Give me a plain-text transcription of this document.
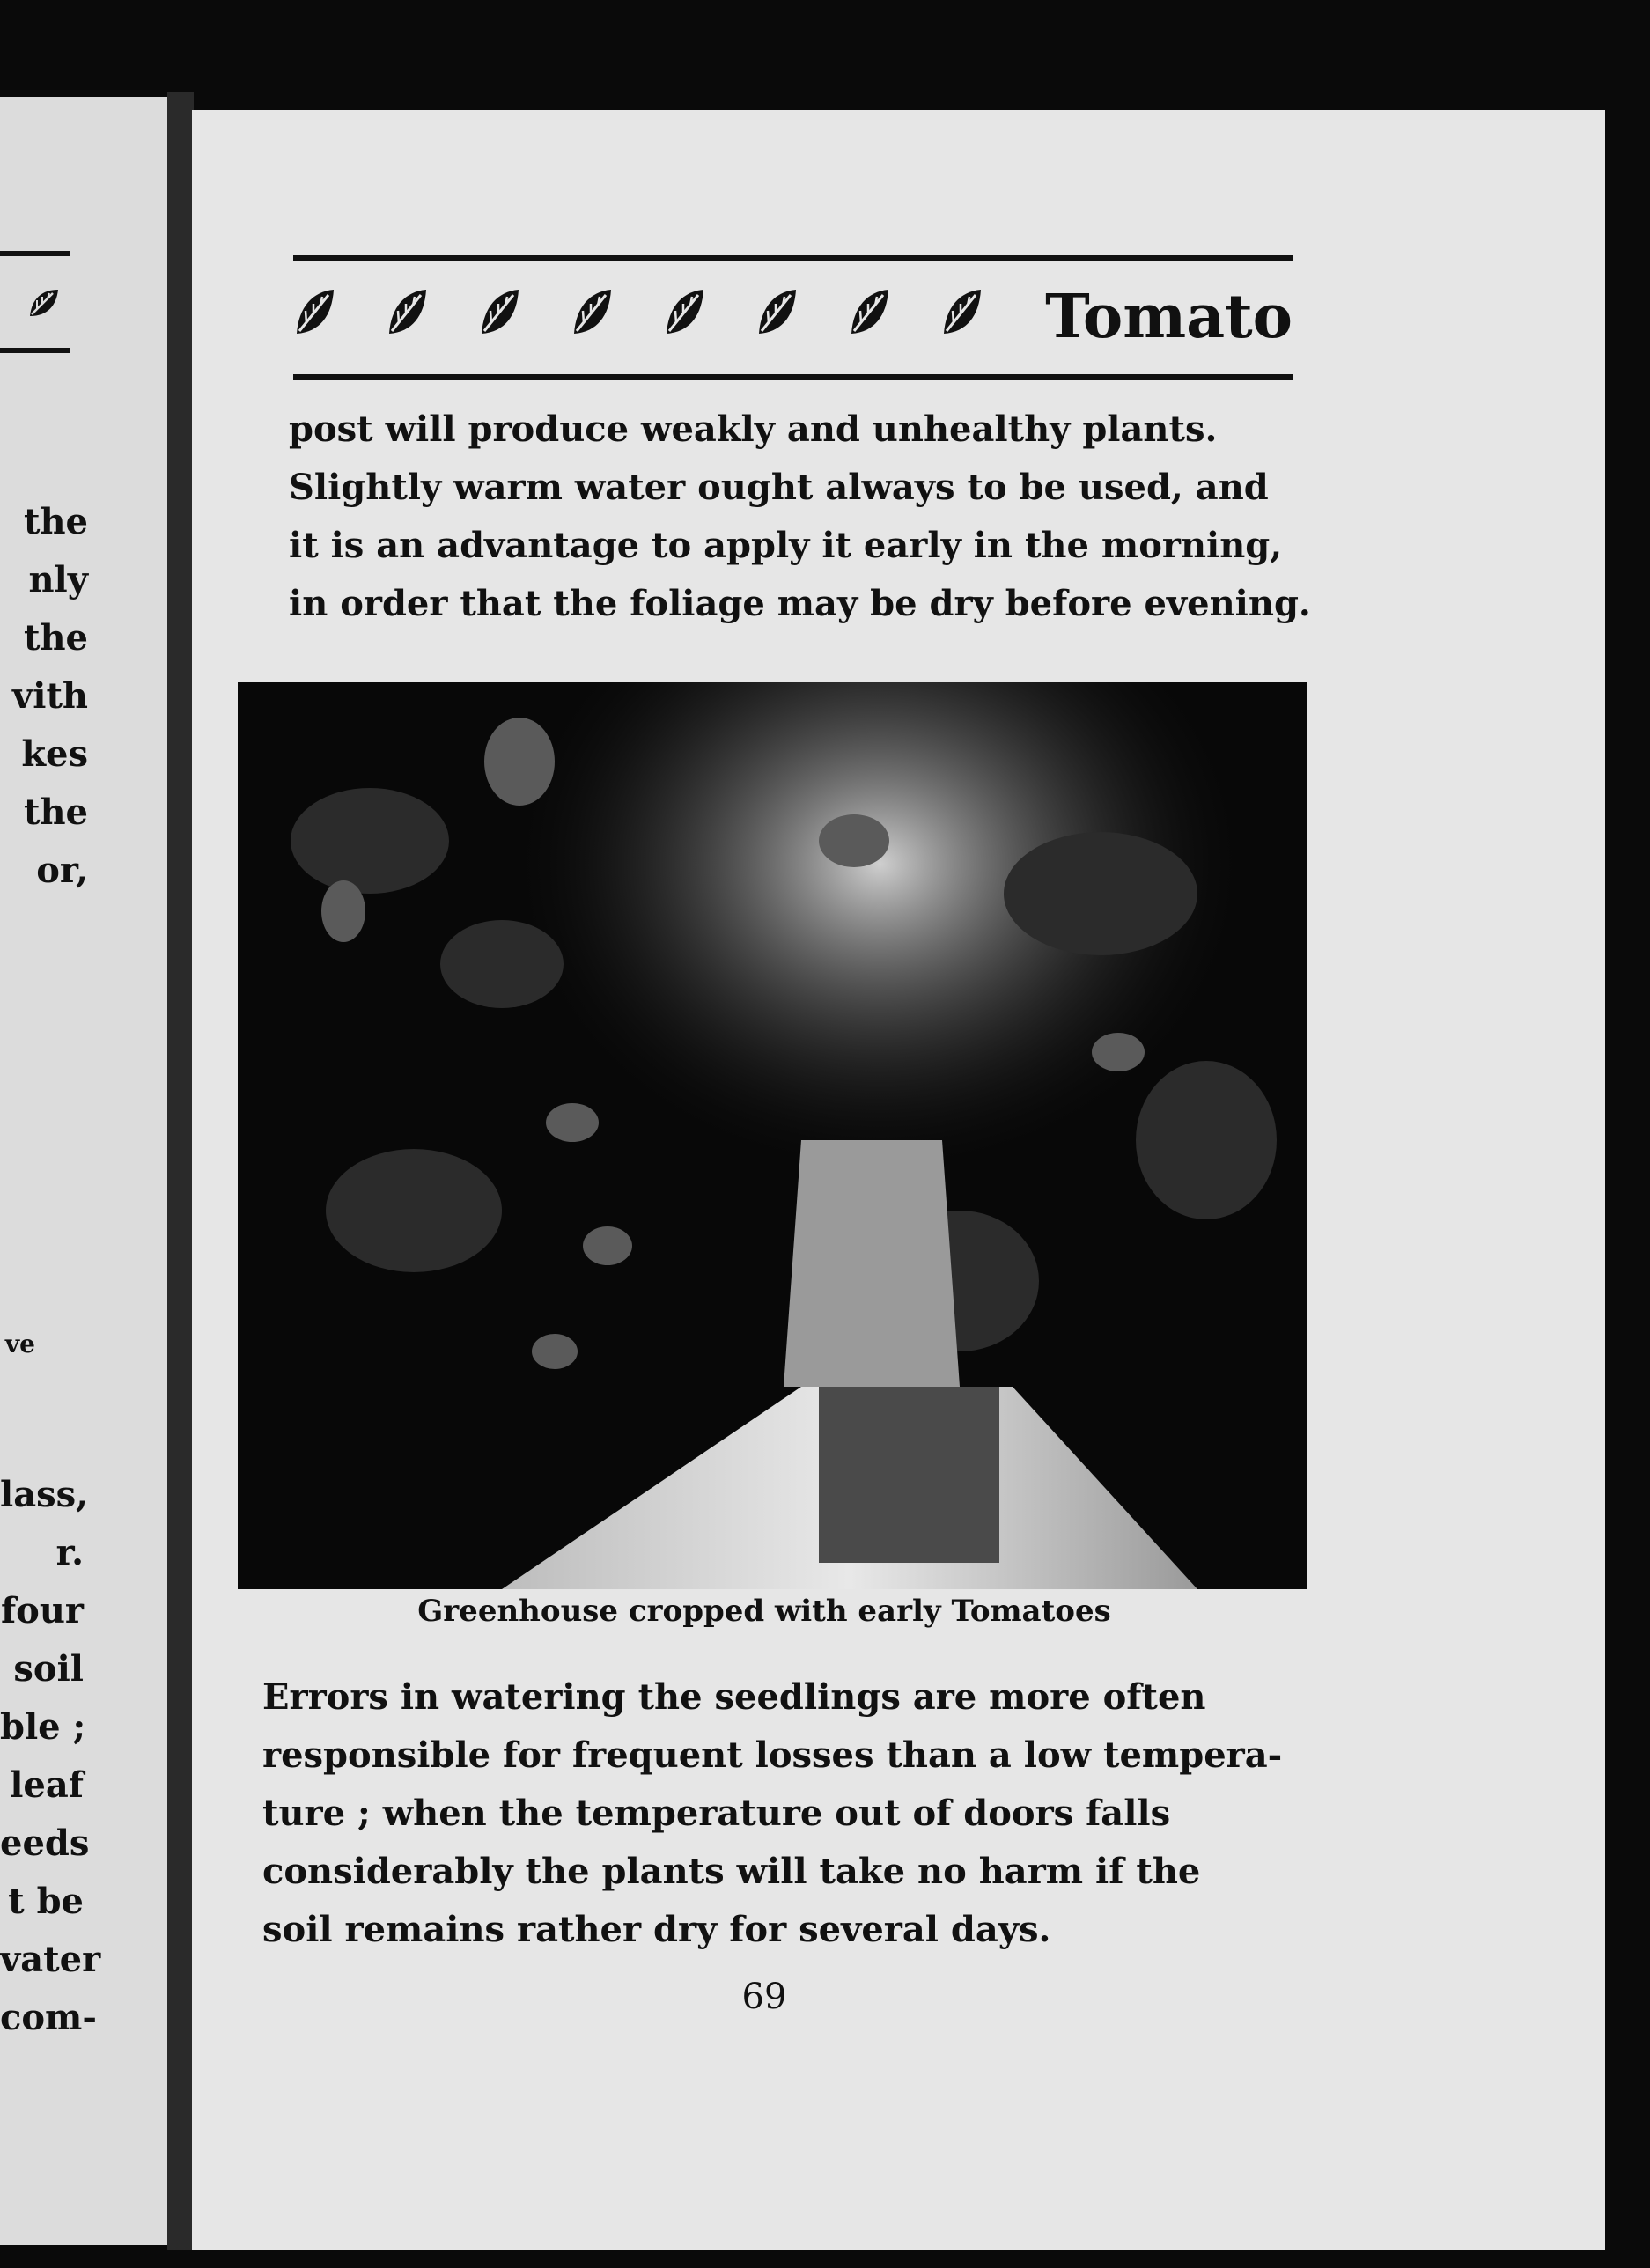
the
nly
the
vith
kes
the
or,
ve
lass,
r.
four
soil
ble ;
leaf
eeds
t be
vater
com-
Tomato
post will produce weakly and unhealthy plants.
Slightly warm water ought always to be used, and
it is an advantage to apply it early in the morning,
in order that the foliage may be dry before evening.
Greenhouse cropped with early Tomatoes
Errors in watering the seedlings are more often
responsible for frequent losses than a low tempera-
ture ; when the temperature out of doors falls
considerably the plants will take no harm if the
soil remains rather dry for several days.
69
